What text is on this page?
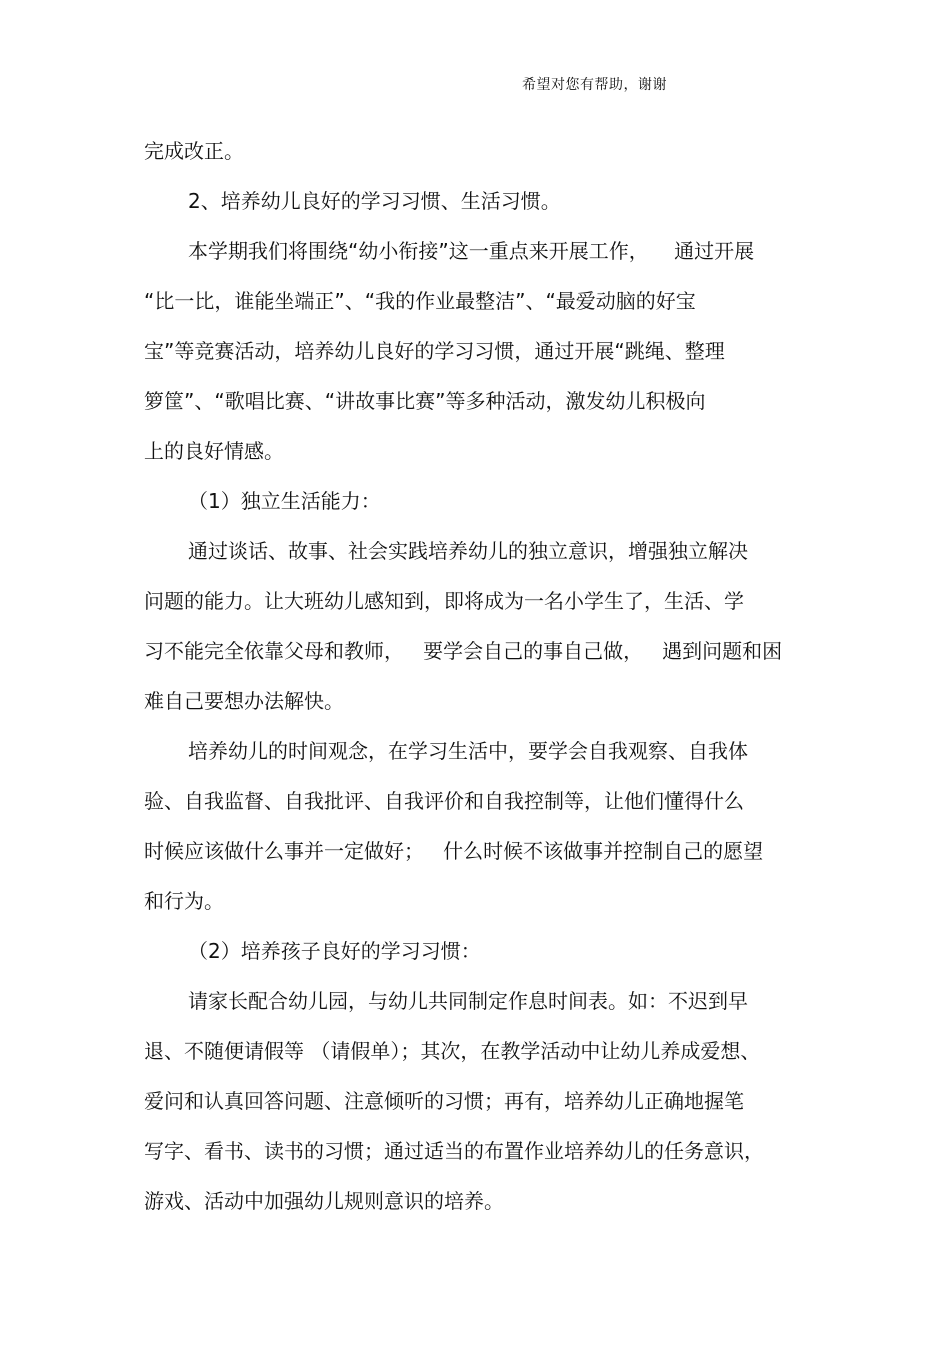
希望对您有帮助，谢谢
完成改正。
2、培养幼儿良好的学习习惯、生活习惯。
本学期我们将围绕“幼小衔接”这一重点来开展工作，    通过开展
“比一比，谁能坐端正”、“我的作业最整洁”、“最爱动脑的好宝
宝”等竞赛活动，培养幼儿良好的学习习惯，通过开展“跳绳、整理
箩筐”、“歌唱比赛、“讲故事比赛”等多种活动，激发幼儿积极向
上的良好情感。
（1）独立生活能力：
通过谈话、故事、社会实践培养幼儿的独立意识，增强独立解决
问题的能力。让大班幼儿感知到，即将成为一名小学生了，生活、学
习不能完全依靠父母和教师，   要学会自己的事自己做，   遇到问题和困
难自己要想办法解快。
培养幼儿的时间观念，在学习生活中，要学会自我观察、自我体
验、自我监督、自我批评、自我评价和自我控制等，让他们懂得什么
时候应该做什么事并一定做好；   什么时候不该做事并控制自己的愿望
和行为。
（2）培养孩子良好的学习习惯：
请家长配合幼儿园，与幼儿共同制定作息时间表。如：不迟到早
退、不随便请假等 （请假单）；其次，在教学活动中让幼儿养成爱想、
爱问和认真回答问题、注意倾听的习惯；再有，培养幼儿正确地握笔
写字、看书、读书的习惯；通过适当的布置作业培养幼儿的任务意识，
游戏、活动中加强幼儿规则意识的培养。
